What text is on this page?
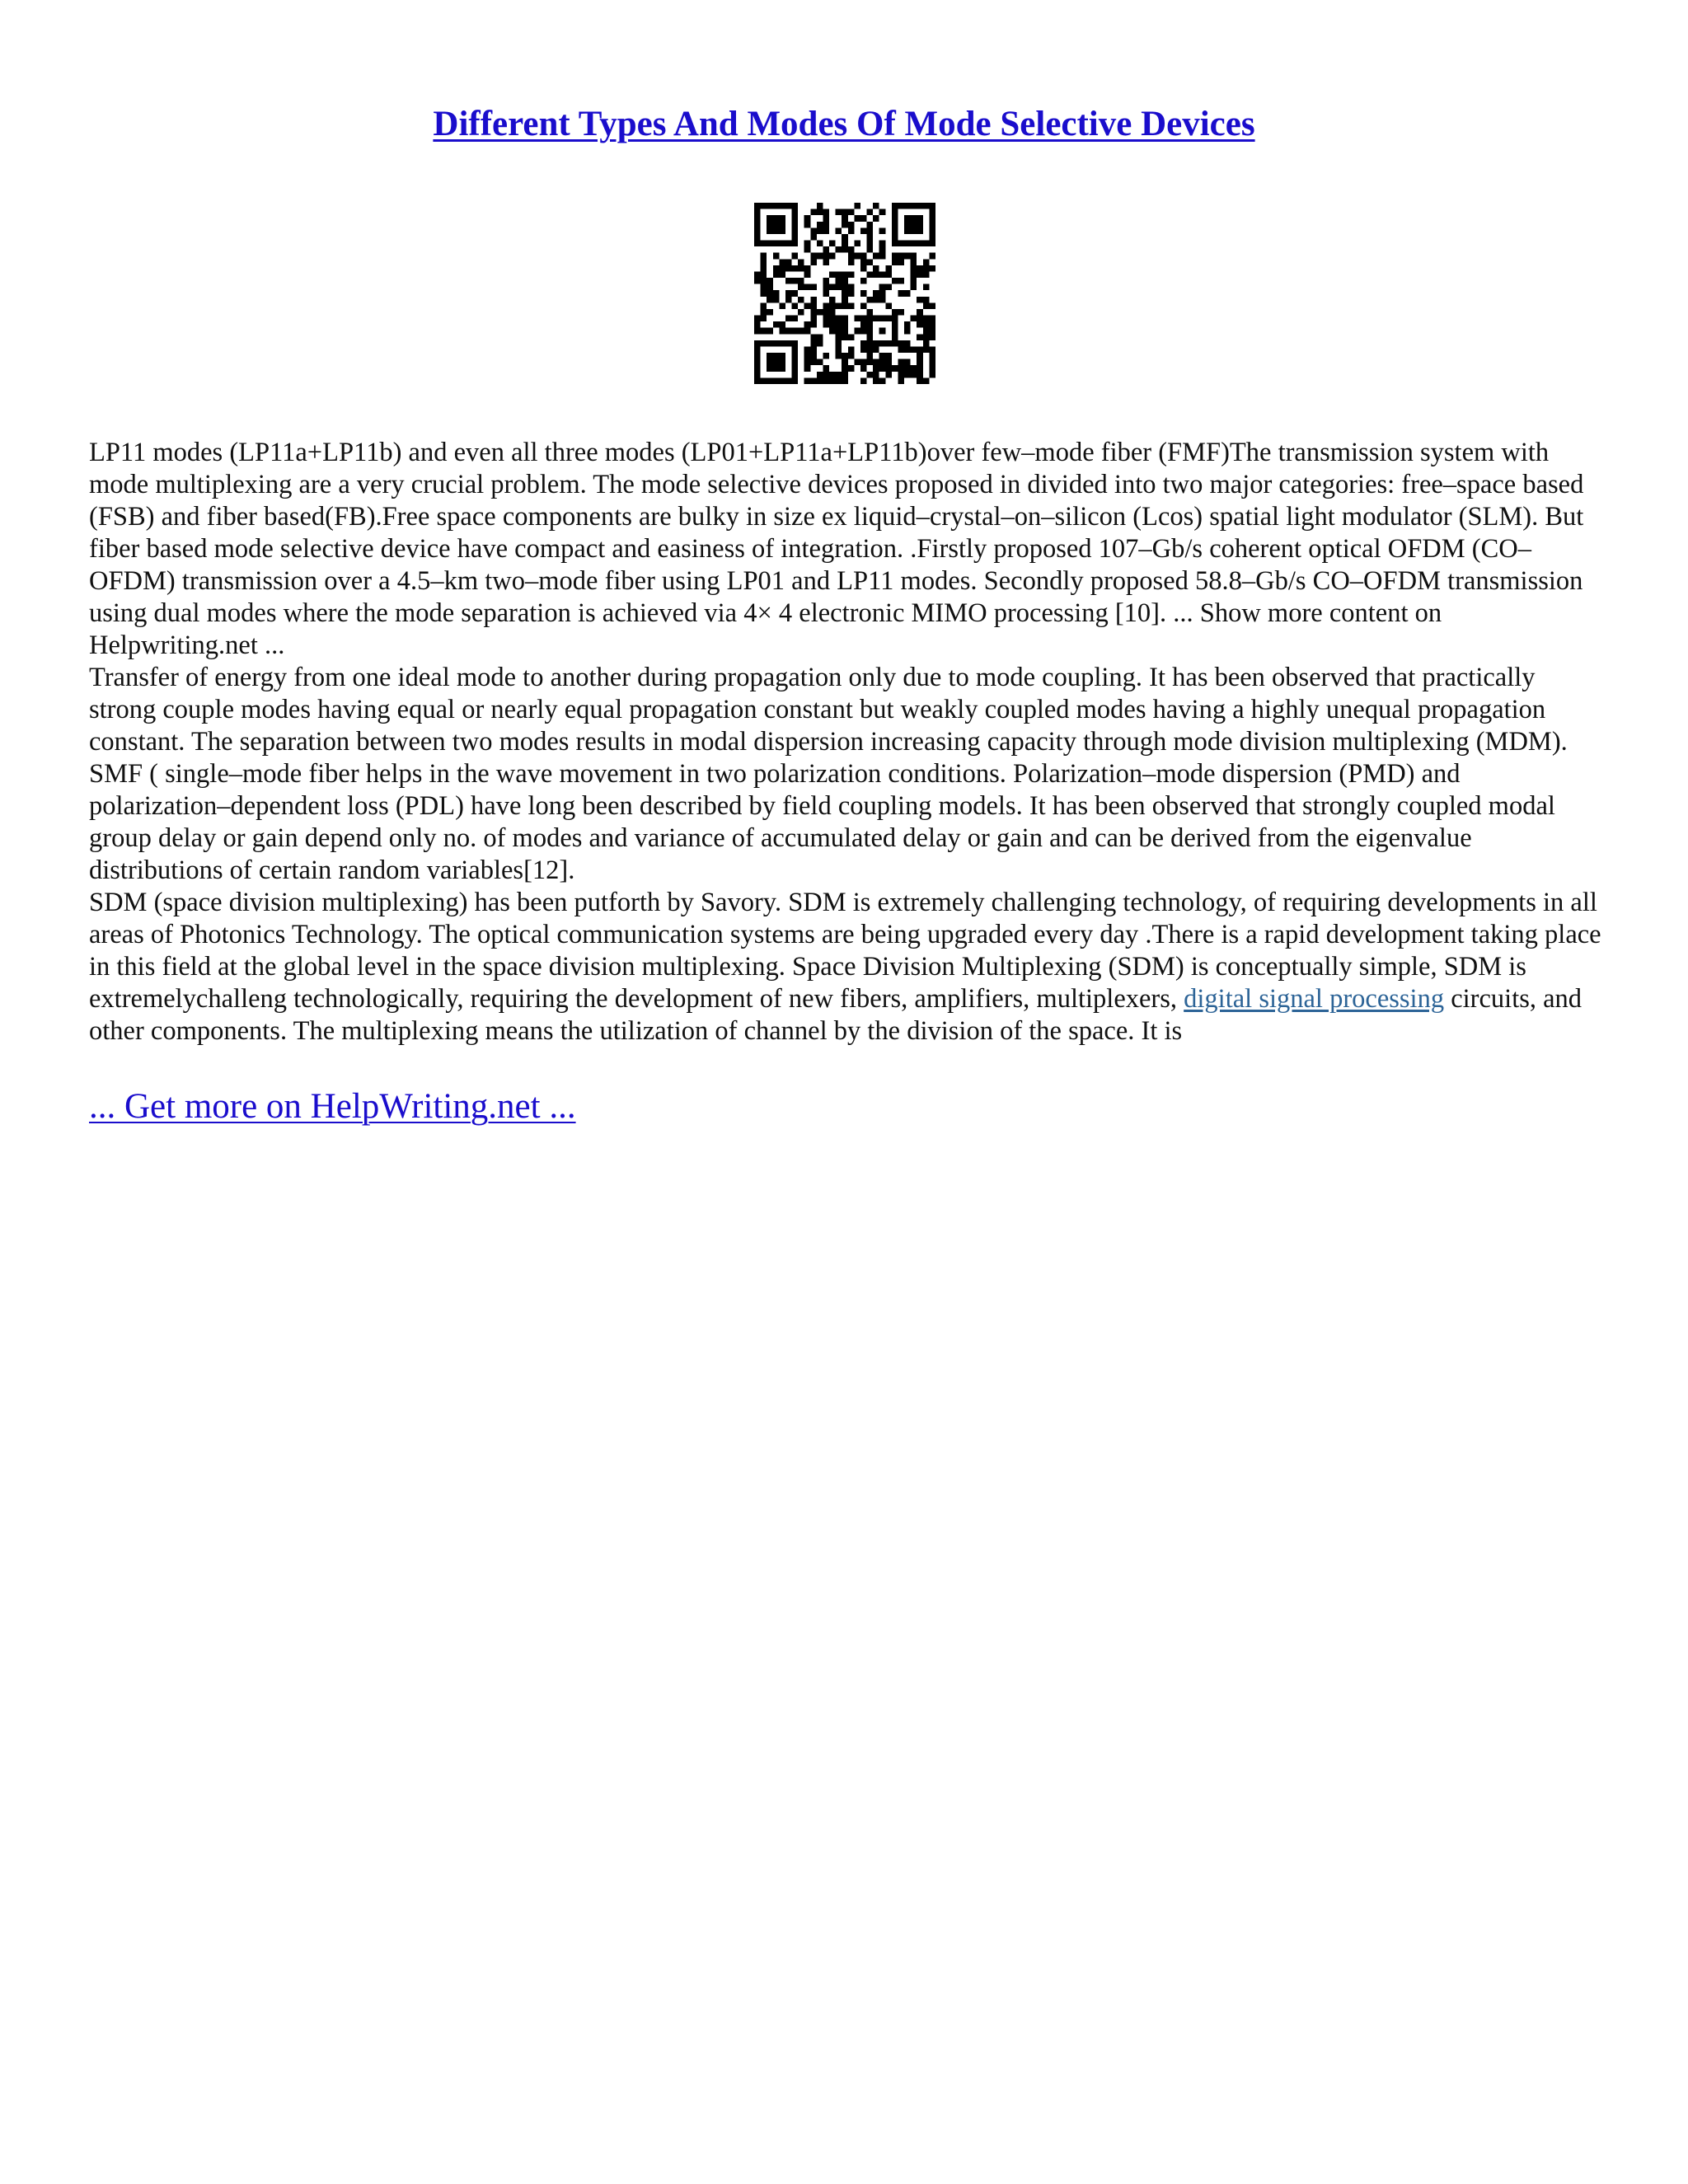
Different Types And Modes Of Mode Selective Devices

LP11 modes (LP11a+LP11b) and even all three modes (LP01+LP11a+LP11b)over few–mode fiber (FMF)The transmission system with mode multiplexing are a very crucial problem. The mode selective devices proposed in divided into two major categories: free–space based (FSB) and fiber based(FB).Free space components are bulky in size ex liquid–crystal–on–silicon (Lcos) spatial light modulator (SLM). But fiber based mode selective device have compact and easiness of integration. .Firstly proposed 107–Gb/s coherent optical OFDM (CO–OFDM) transmission over a 4.5–km two–mode fiber using LP01 and LP11 modes. Secondly proposed 58.8–Gb/s CO–OFDM transmission using dual modes where the mode separation is achieved via 4× 4 electronic MIMO processing [10]. ... Show more content on Helpwriting.net ...

Transfer of energy from one ideal mode to another during propagation only due to mode coupling. It has been observed that practically strong couple modes having equal or nearly equal propagation constant but weakly coupled modes having a highly unequal propagation constant. The separation between two modes results in modal dispersion increasing capacity through mode division multiplexing (MDM). SMF ( single–mode fiber helps in the wave movement in two polarization conditions. Polarization–mode dispersion (PMD) and polarization–dependent loss (PDL) have long been described by field coupling models. It has been observed that strongly coupled modal group delay or gain depend only no. of modes and variance of accumulated delay or gain and can be derived from the eigenvalue distributions of certain random variables[12].

SDM (space division multiplexing) has been putforth by Savory. SDM is extremely challenging technology, of requiring developments in all areas of Photonics Technology. The optical communication systems are being upgraded every day .There is a rapid development taking place in this field at the global level in the space division multiplexing. Space Division Multiplexing (SDM) is conceptually simple, SDM is extremelychalleng technologically, requiring the development of new fibers, amplifiers, multiplexers, digital signal processing circuits, and other components. The multiplexing means the utilization of channel by the division of the space. It is

... Get more on HelpWriting.net ...
